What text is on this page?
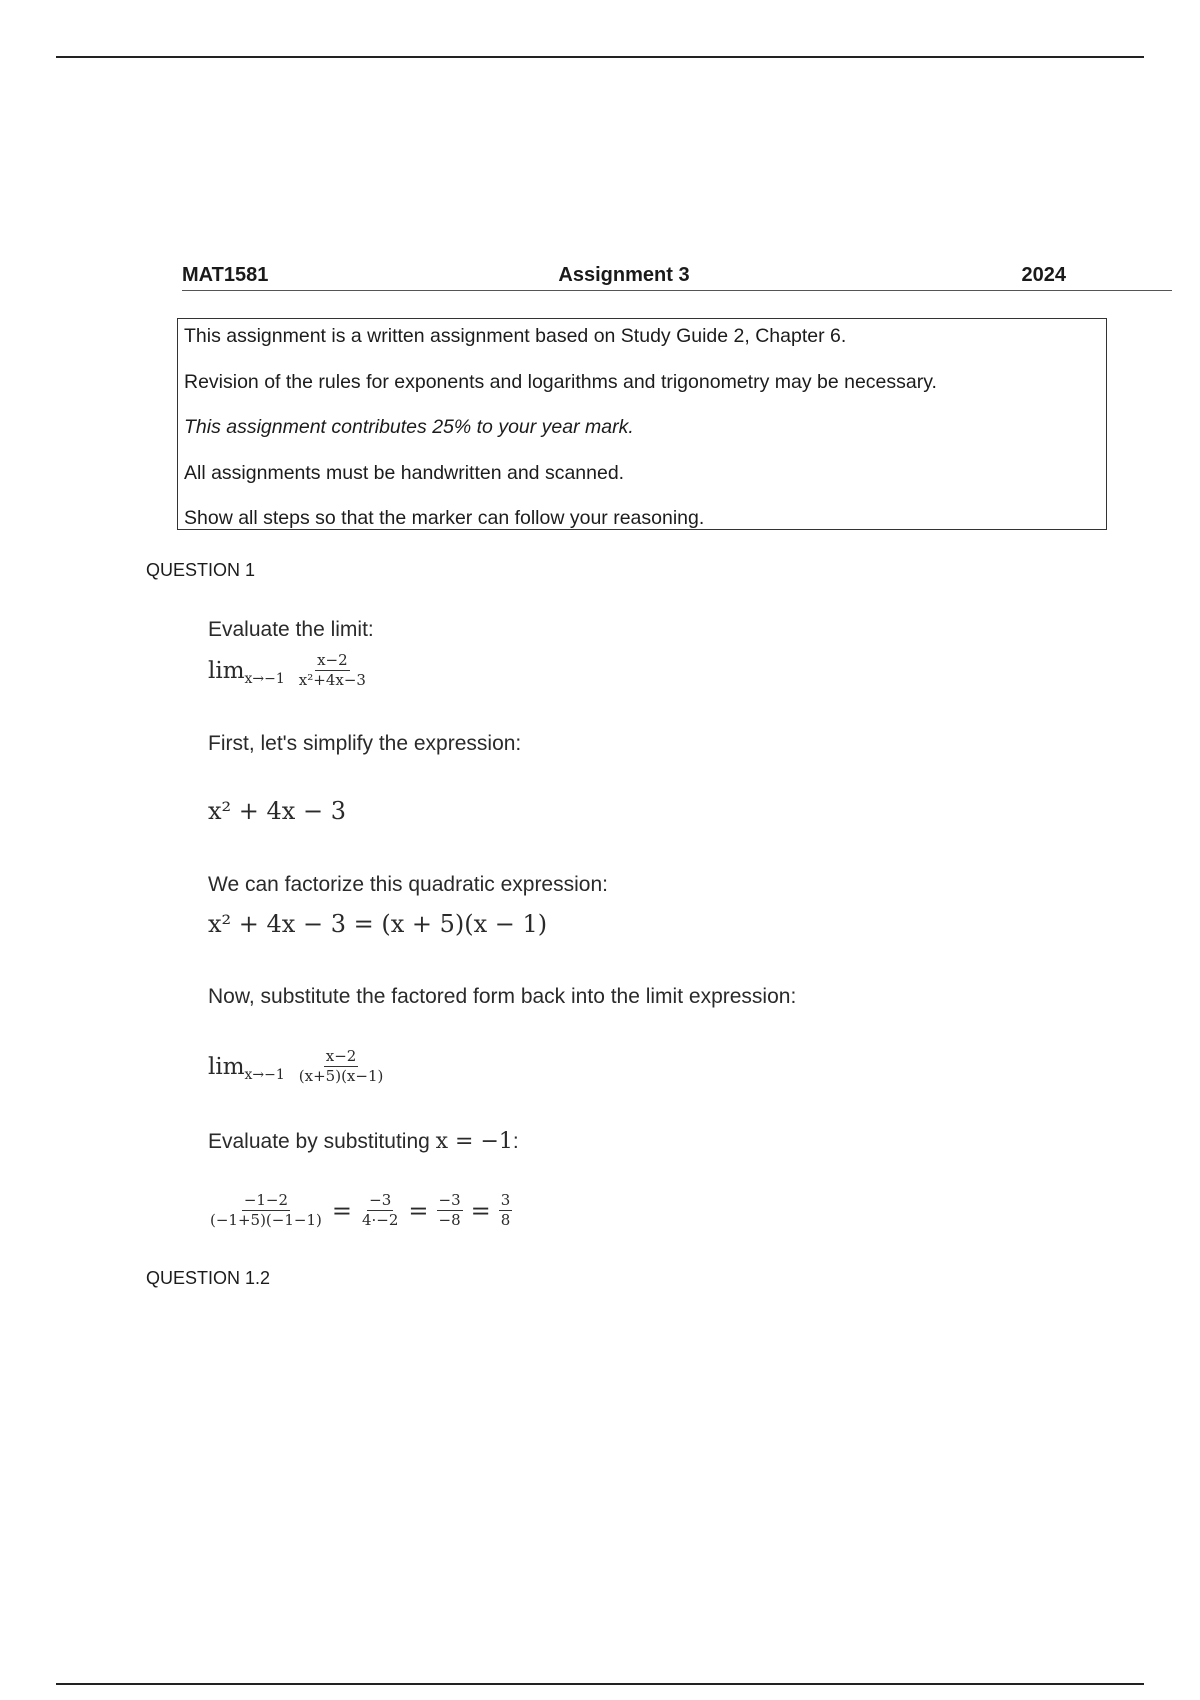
MAT1581	Assignment 3	2024
This assignment is a written assignment based on Study Guide 2, Chapter 6.
Revision of the rules for exponents and logarithms and trigonometry may be necessary.
This assignment contributes 25% to your year mark.
All assignments must be handwritten and scanned.
Show all steps so that the marker can follow your reasoning.
QUESTION 1
Evaluate the limit:
$\lim x\to-1 \frac{x-2}{\text{x²+4x−3}}$
First, let's simplify the expression:
x² + 4x − 3
We can factorize this quadratic expression:
x² + 4x − 3 = (x + 5)(x − 1)
Now, substitute the factored form back into the limit expression:
$\lim x\to-1 \frac{x-2}{(x+5)(x-1)}$
Evaluate by substituting x = −1:
$\frac{-1-2}{(-1+5)(-1-1)} = \frac{-3}{4\cdot-2} = \frac{-3}{-8} = \frac{3}{8}$
QUESTION 1.2
